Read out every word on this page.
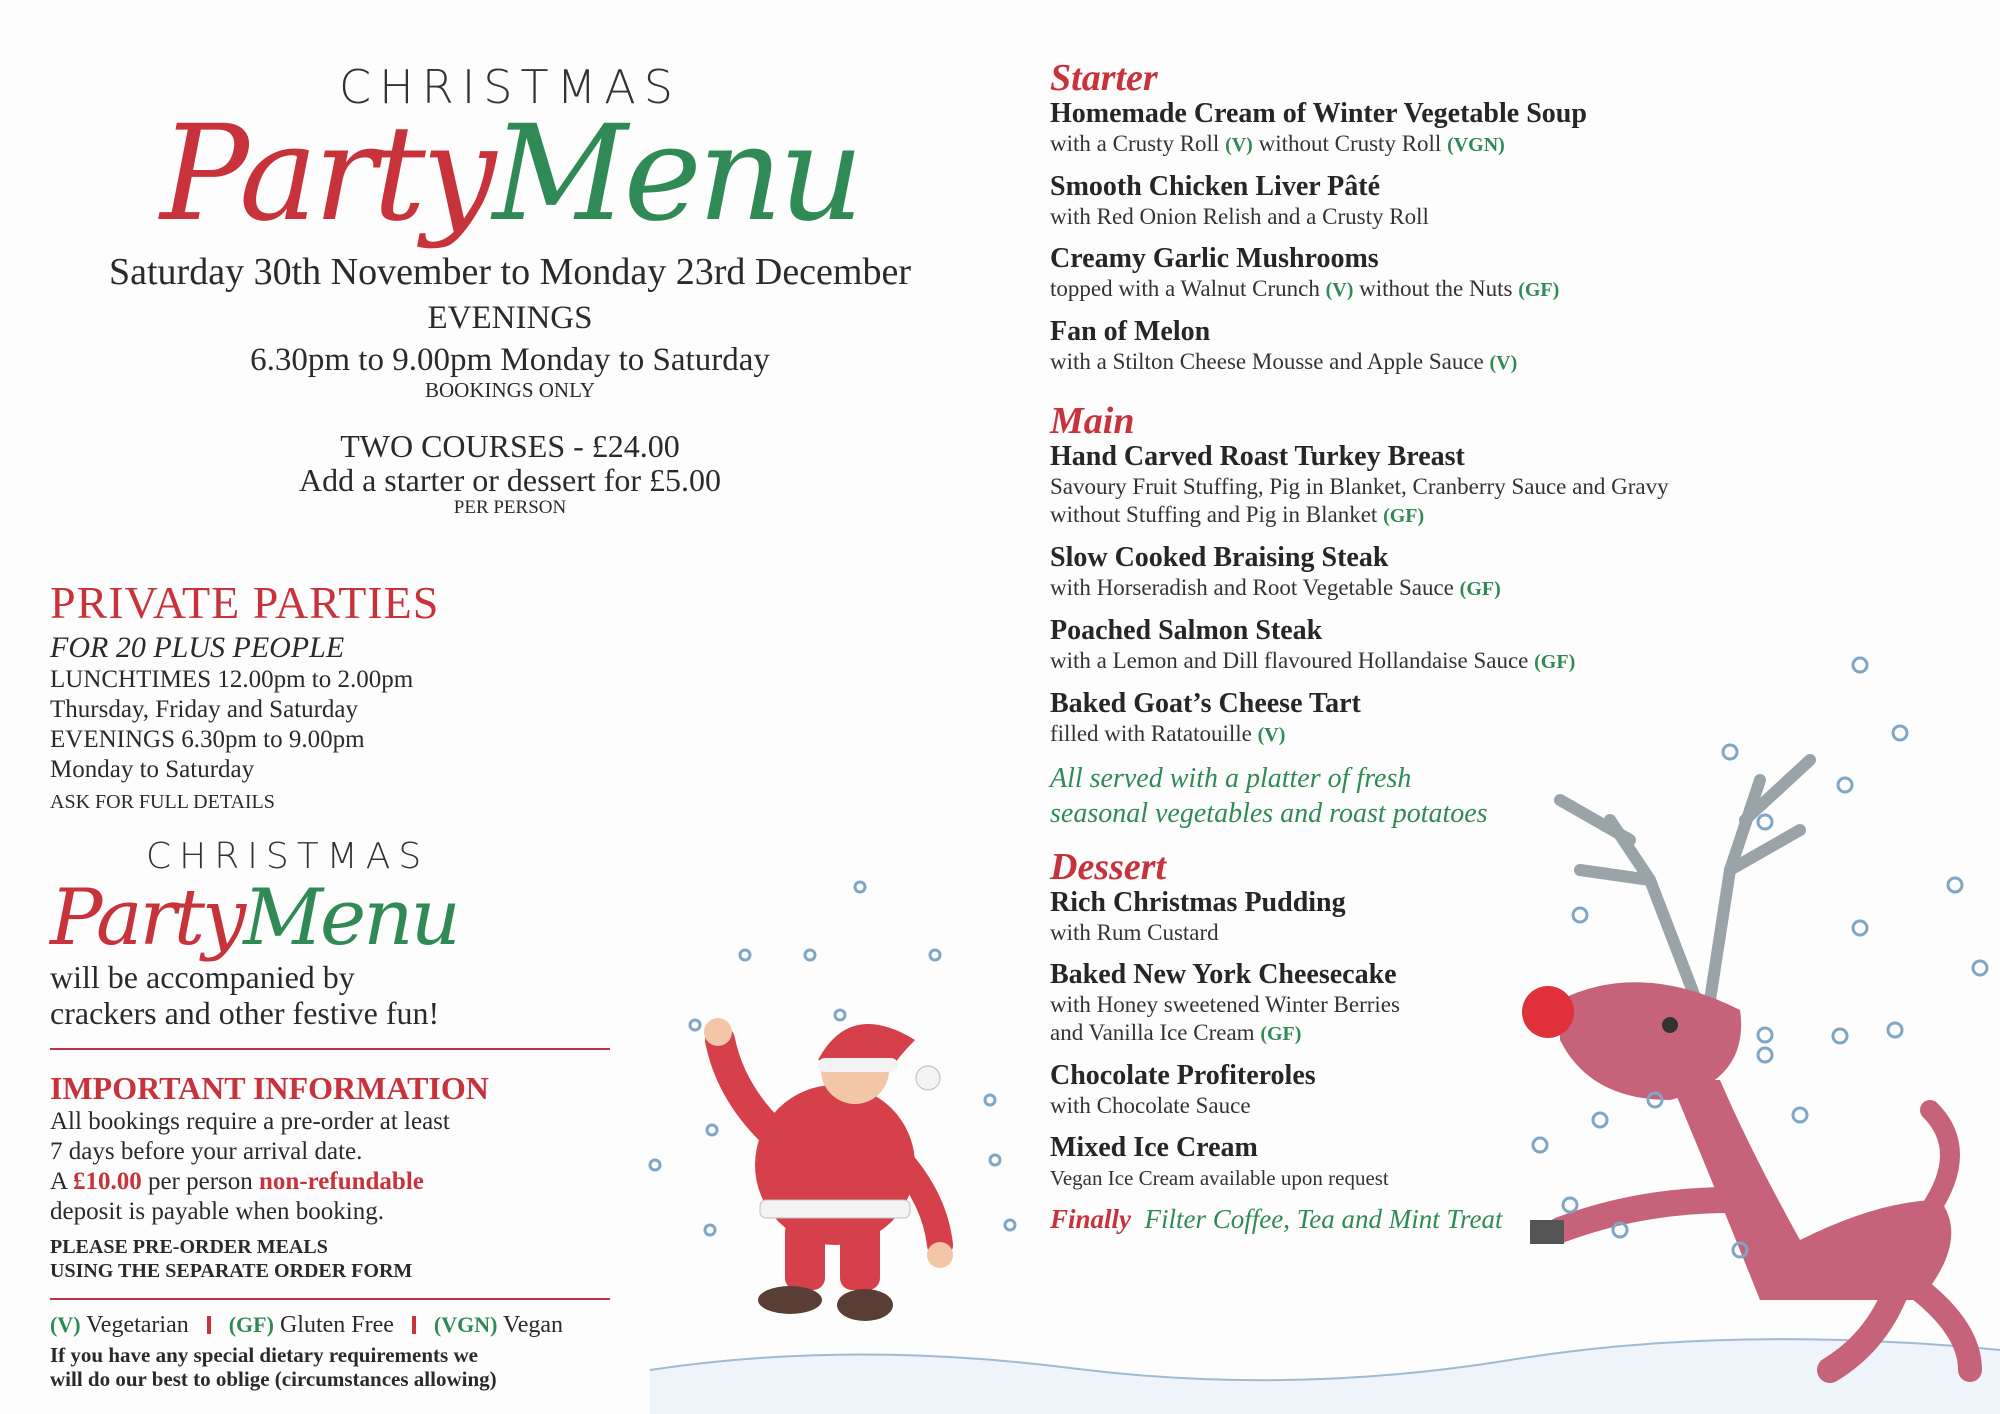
CHRISTMAS
PartyMenu
Saturday 30th November to Monday 23rd December
EVENINGS
6.30pm to 9.00pm Monday to Saturday
BOOKINGS ONLY
TWO COURSES - £24.00
Add a starter or dessert for £5.00
PER PERSON
PRIVATE PARTIES
FOR 20 PLUS PEOPLE
LUNCHTIMES 12.00pm to 2.00pm
Thursday, Friday and Saturday
EVENINGS 6.30pm to 9.00pm
Monday to Saturday
ASK FOR FULL DETAILS
CHRISTMAS
PartyMenu
will be accompanied by
crackers and other festive fun!
IMPORTANT INFORMATION
All bookings require a pre-order at least
7 days before your arrival date.
A £10.00 per person non-refundable
deposit is payable when booking.
PLEASE PRE-ORDER MEALS
USING THE SEPARATE ORDER FORM
(V) Vegetarian (GF) Gluten Free (VGN) Vegan
If you have any special dietary requirements we
will do our best to oblige (circumstances allowing)
Starter
Homemade Cream of Winter Vegetable Soup
with a Crusty Roll (V) without Crusty Roll (VGN)
Smooth Chicken Liver Pâté
with Red Onion Relish and a Crusty Roll
Creamy Garlic Mushrooms
topped with a Walnut Crunch (V) without the Nuts (GF)
Fan of Melon
with a Stilton Cheese Mousse and Apple Sauce (V)
Main
Hand Carved Roast Turkey Breast
Savoury Fruit Stuffing, Pig in Blanket, Cranberry Sauce and Gravy
without Stuffing and Pig in Blanket (GF)
Slow Cooked Braising Steak
with Horseradish and Root Vegetable Sauce (GF)
Poached Salmon Steak
with a Lemon and Dill flavoured Hollandaise Sauce (GF)
Baked Goat’s Cheese Tart
filled with Ratatouille (V)
All served with a platter of fresh
seasonal vegetables and roast potatoes
Dessert
Rich Christmas Pudding
with Rum Custard
Baked New York Cheesecake
with Honey sweetened Winter Berries
and Vanilla Ice Cream (GF)
Chocolate Profiteroles
with Chocolate Sauce
Mixed Ice Cream
Vegan Ice Cream available upon request
Finally Filter Coffee, Tea and Mint Treat
